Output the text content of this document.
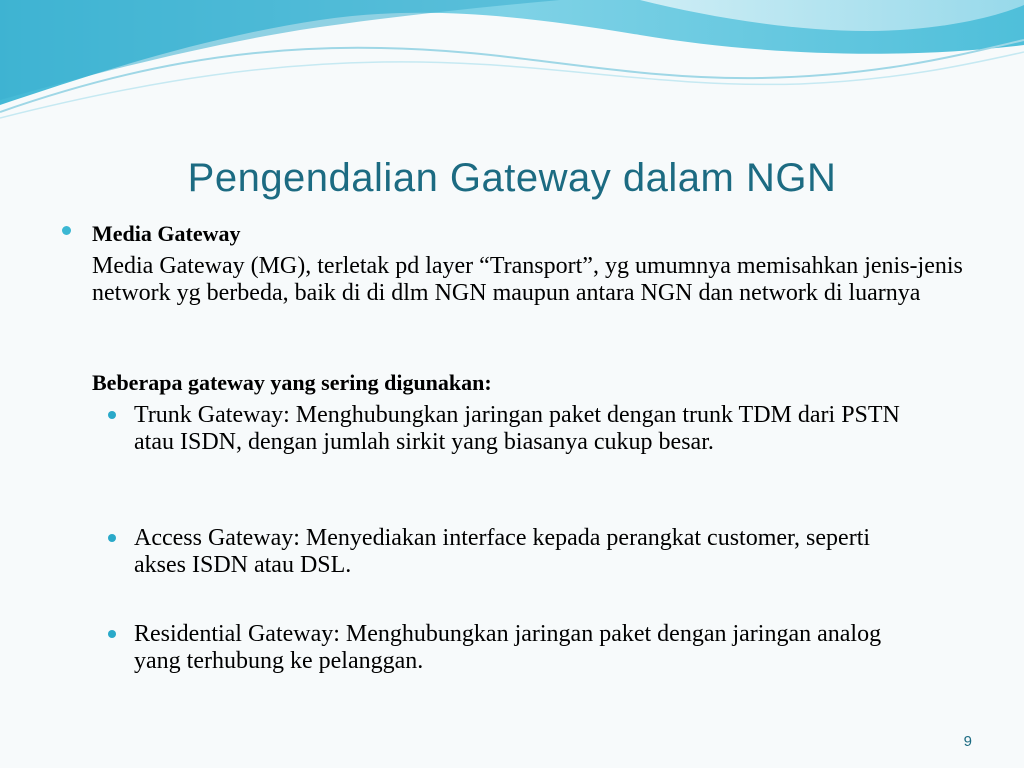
Pengendalian Gateway dalam NGN

Media Gateway

Media Gateway (MG), terletak pd layer “Transport”, yg umumnya memisahkan jenis-jenis network yg berbeda, baik di di dlm NGN maupun antara NGN dan network di luarnya

Beberapa gateway yang sering digunakan:

Trunk Gateway: Menghubungkan jaringan paket dengan trunk TDM dari PSTN atau ISDN, dengan jumlah sirkit yang biasanya cukup besar.

Access Gateway: Menyediakan interface kepada perangkat customer, seperti akses ISDN atau DSL.

Residential Gateway: Menghubungkan jaringan paket dengan jaringan analog yang terhubung ke pelanggan.

9
